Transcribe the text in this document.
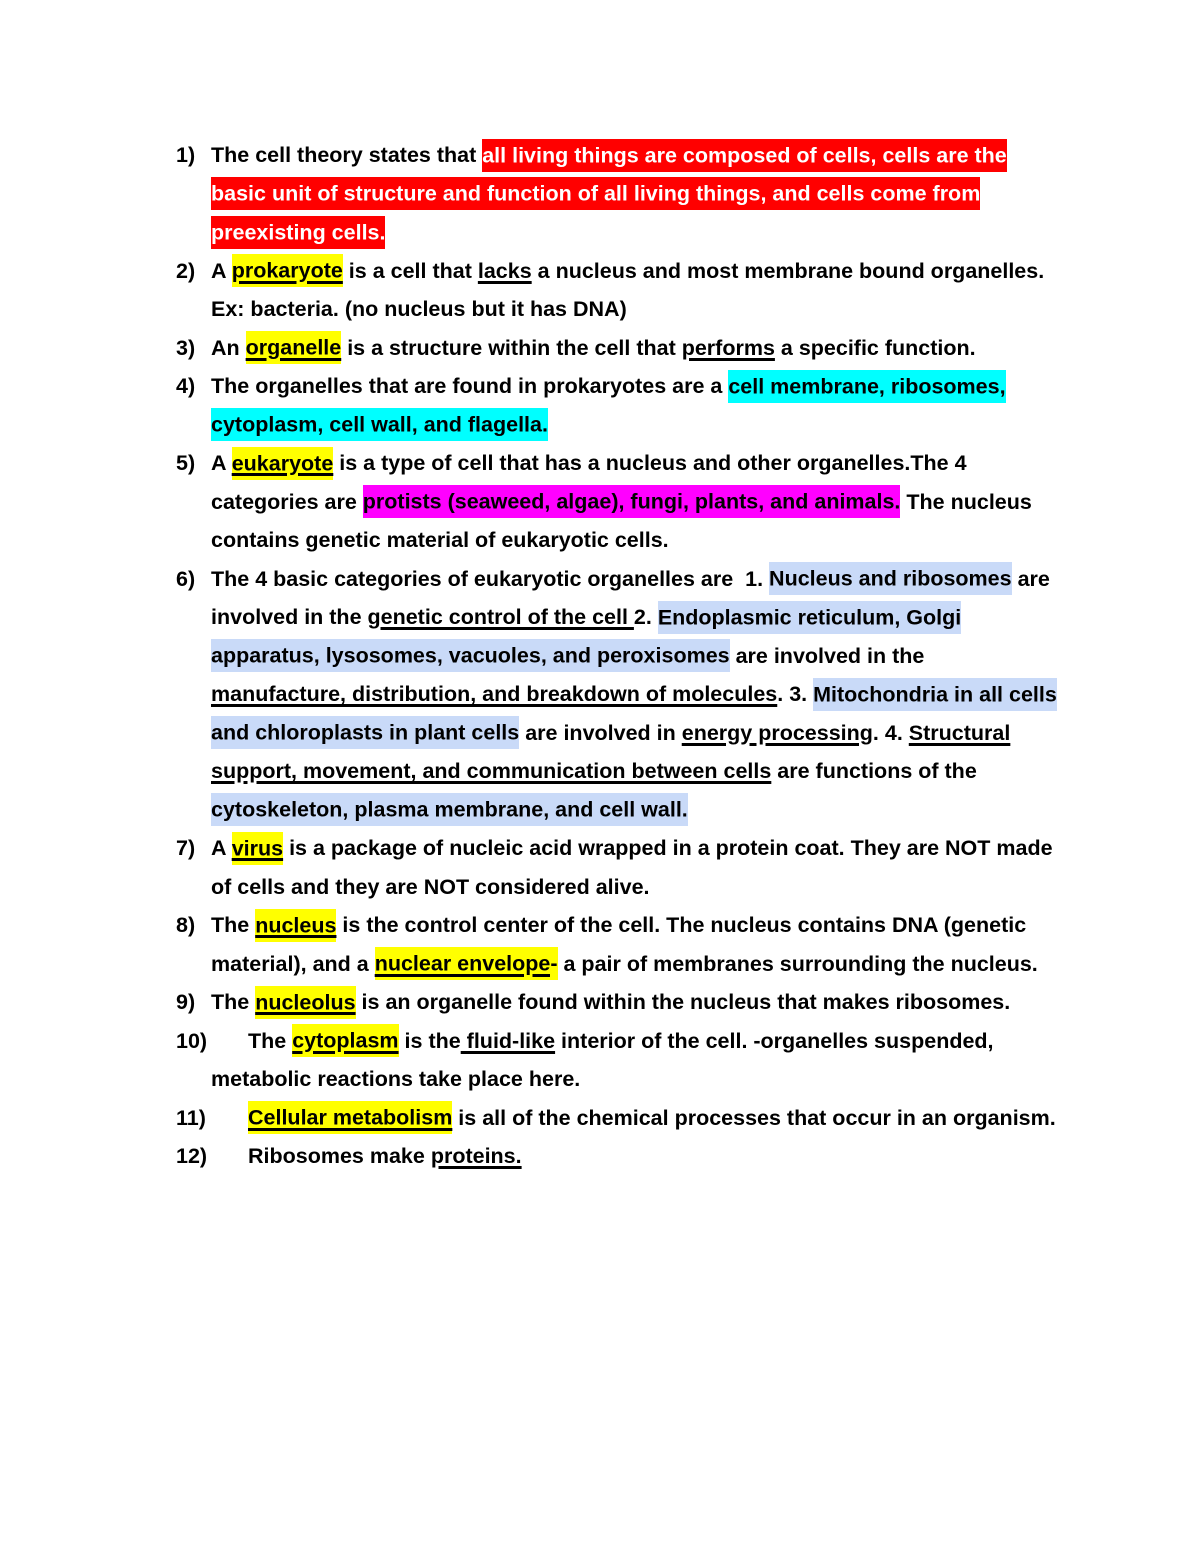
1) The cell theory states that all living things are composed of cells, cells are the basic unit of structure and function of all living things, and cells come from preexisting cells.
2) A prokaryote is a cell that lacks a nucleus and most membrane bound organelles. Ex: bacteria. (no nucleus but it has DNA)
3) An organelle is a structure within the cell that performs a specific function.
4) The organelles that are found in prokaryotes are a cell membrane, ribosomes, cytoplasm, cell wall, and flagella.
5) A eukaryote is a type of cell that has a nucleus and other organelles.The 4 categories are protists (seaweed, algae), fungi, plants, and animals. The nucleus contains genetic material of eukaryotic cells.
6) The 4 basic categories of eukaryotic organelles are  1. Nucleus and ribosomes are involved in the genetic control of the cell 2. Endoplasmic reticulum, Golgi apparatus, lysosomes, vacuoles, and peroxisomes are involved in the manufacture, distribution, and breakdown of molecules. 3. Mitochondria in all cells and chloroplasts in plant cells are involved in energy processing. 4. Structural support, movement, and communication between cells are functions of the cytoskeleton, plasma membrane, and cell wall.
7) A virus is a package of nucleic acid wrapped in a protein coat. They are NOT made of cells and they are NOT considered alive.
8) The nucleus is the control center of the cell. The nucleus contains DNA (genetic material), and a nuclear envelope- a pair of membranes surrounding the nucleus.
9) The nucleolus is an organelle found within the nucleus that makes ribosomes.
10)	The cytoplasm is the fluid-like interior of the cell. -organelles suspended, metabolic reactions take place here.
11)	Cellular metabolism is all of the chemical processes that occur in an organism.
12)	Ribosomes make proteins.
